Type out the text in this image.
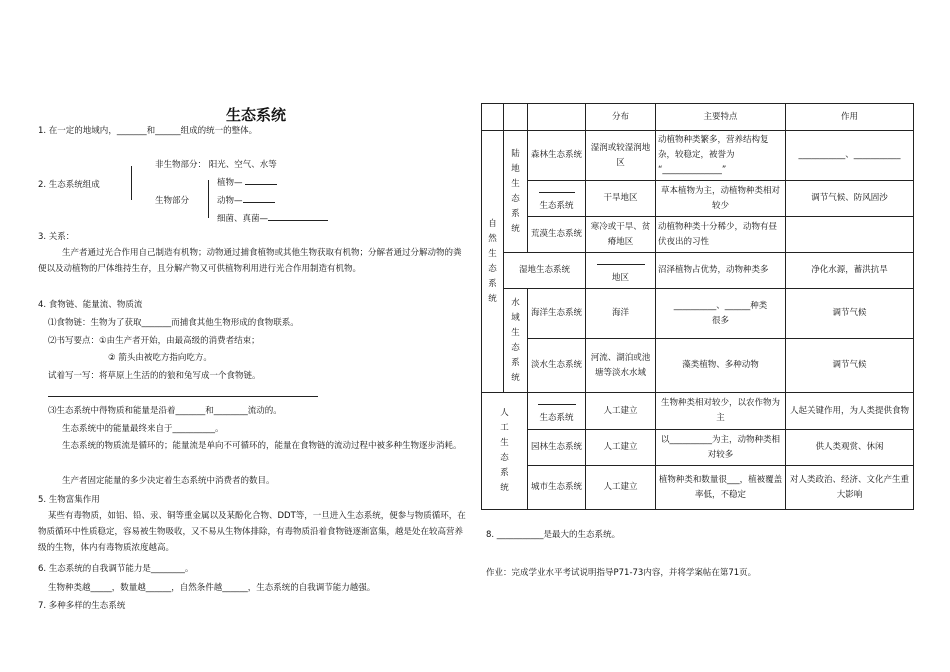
生态系统
1. 在一定的地域内，_______和______组成的统一的整体。
2. 生态系统组成
非生物部分： 阳光、空气、水等
生物部分
植物—
动物—
细菌、真菌—
3. 关系：
生产者通过光合作用自己制造有机物；动物通过捕食植物或其他生物获取有机物；分解者通过分解动物的粪便以及动植物的尸体维持生存，且分解产物又可供植物利用进行光合作用制造有机物。
4. 食物链、能量流、物质流
⑴食物链：生物为了获取_______而捕食其他生物形成的食物联系。
⑵书写要点：①由生产者开始，由最高级的消费者结束；
② 箭头由被吃方指向吃方。
试着写一写：将草原上生活的的狼和兔写成一个食物链。
⑶生态系统中得物质和能量是沿着_______和________流动的。
生态系统中的能量最终来自于__________。
生态系统的物质流是循环的；能量流是单向不可循环的，能量在食物链的流动过程中被多种生物逐步消耗。
生产者固定能量的多少决定着生态系统中消费者的数目。
5. 生物富集作用
某些有毒物质，如铝、铅、汞、铜等重金属以及某酚化合物、DDT等，一旦进入生态系统，便参与物质循环，在物质循环中性质稳定，容易被生物吸收，又不易从生物体排除，有毒物质沿着食物链逐渐富集，越是处在较高营养级的生物，体内有毒物质浓度越高。
6. 生态系统的自我调节能力是________。
生物种类越_____，数量越______，自然条件越______，生态系统的自我调节能力越强。
7. 多种多样的生态系统
			分布	主要特点	作用

自然生态系统	陆地生态系统	森林生态系统	湿润或较湿润地区	动植物种类繁多，营养结构复杂，较稳定，被誉为
“______________”	___________、___________

生态系统	干旱地区	草本植物为主，动植物种类相对较少	调节气候、防风固沙
		荒漠生态系统	寒冷或干旱、贫瘠地区	动植物种类十分稀少，动物有昼伏夜出的习性	
	湿地生态系统		地区	沼泽植物占优势，动物种类多	净化水源，蓄洪抗旱

	水域生态系统	海洋生态系统	海洋	__________、______种类
很多	调节气候
		淡水生态系统	河流、湖泊或池塘等淡水水域	藻类植物、多种动物	调节气候

人工生态系统		生态系统	人工建立	生物种类相对较少，以农作物为主	人起关键作用，为人类提供食物
		园林生态系统	人工建立	以__________为主，动物种类相对较多	供人类观赏、休闲
		城市生态系统	人工建立	植物种类和数量很___，植被覆盖率低，不稳定	对人类政治、经济、文化产生重大影响
8. ___________是最大的生态系统。
作业：完成学业水平考试说明指导P71-73内容，并将学案帖在第71页。
